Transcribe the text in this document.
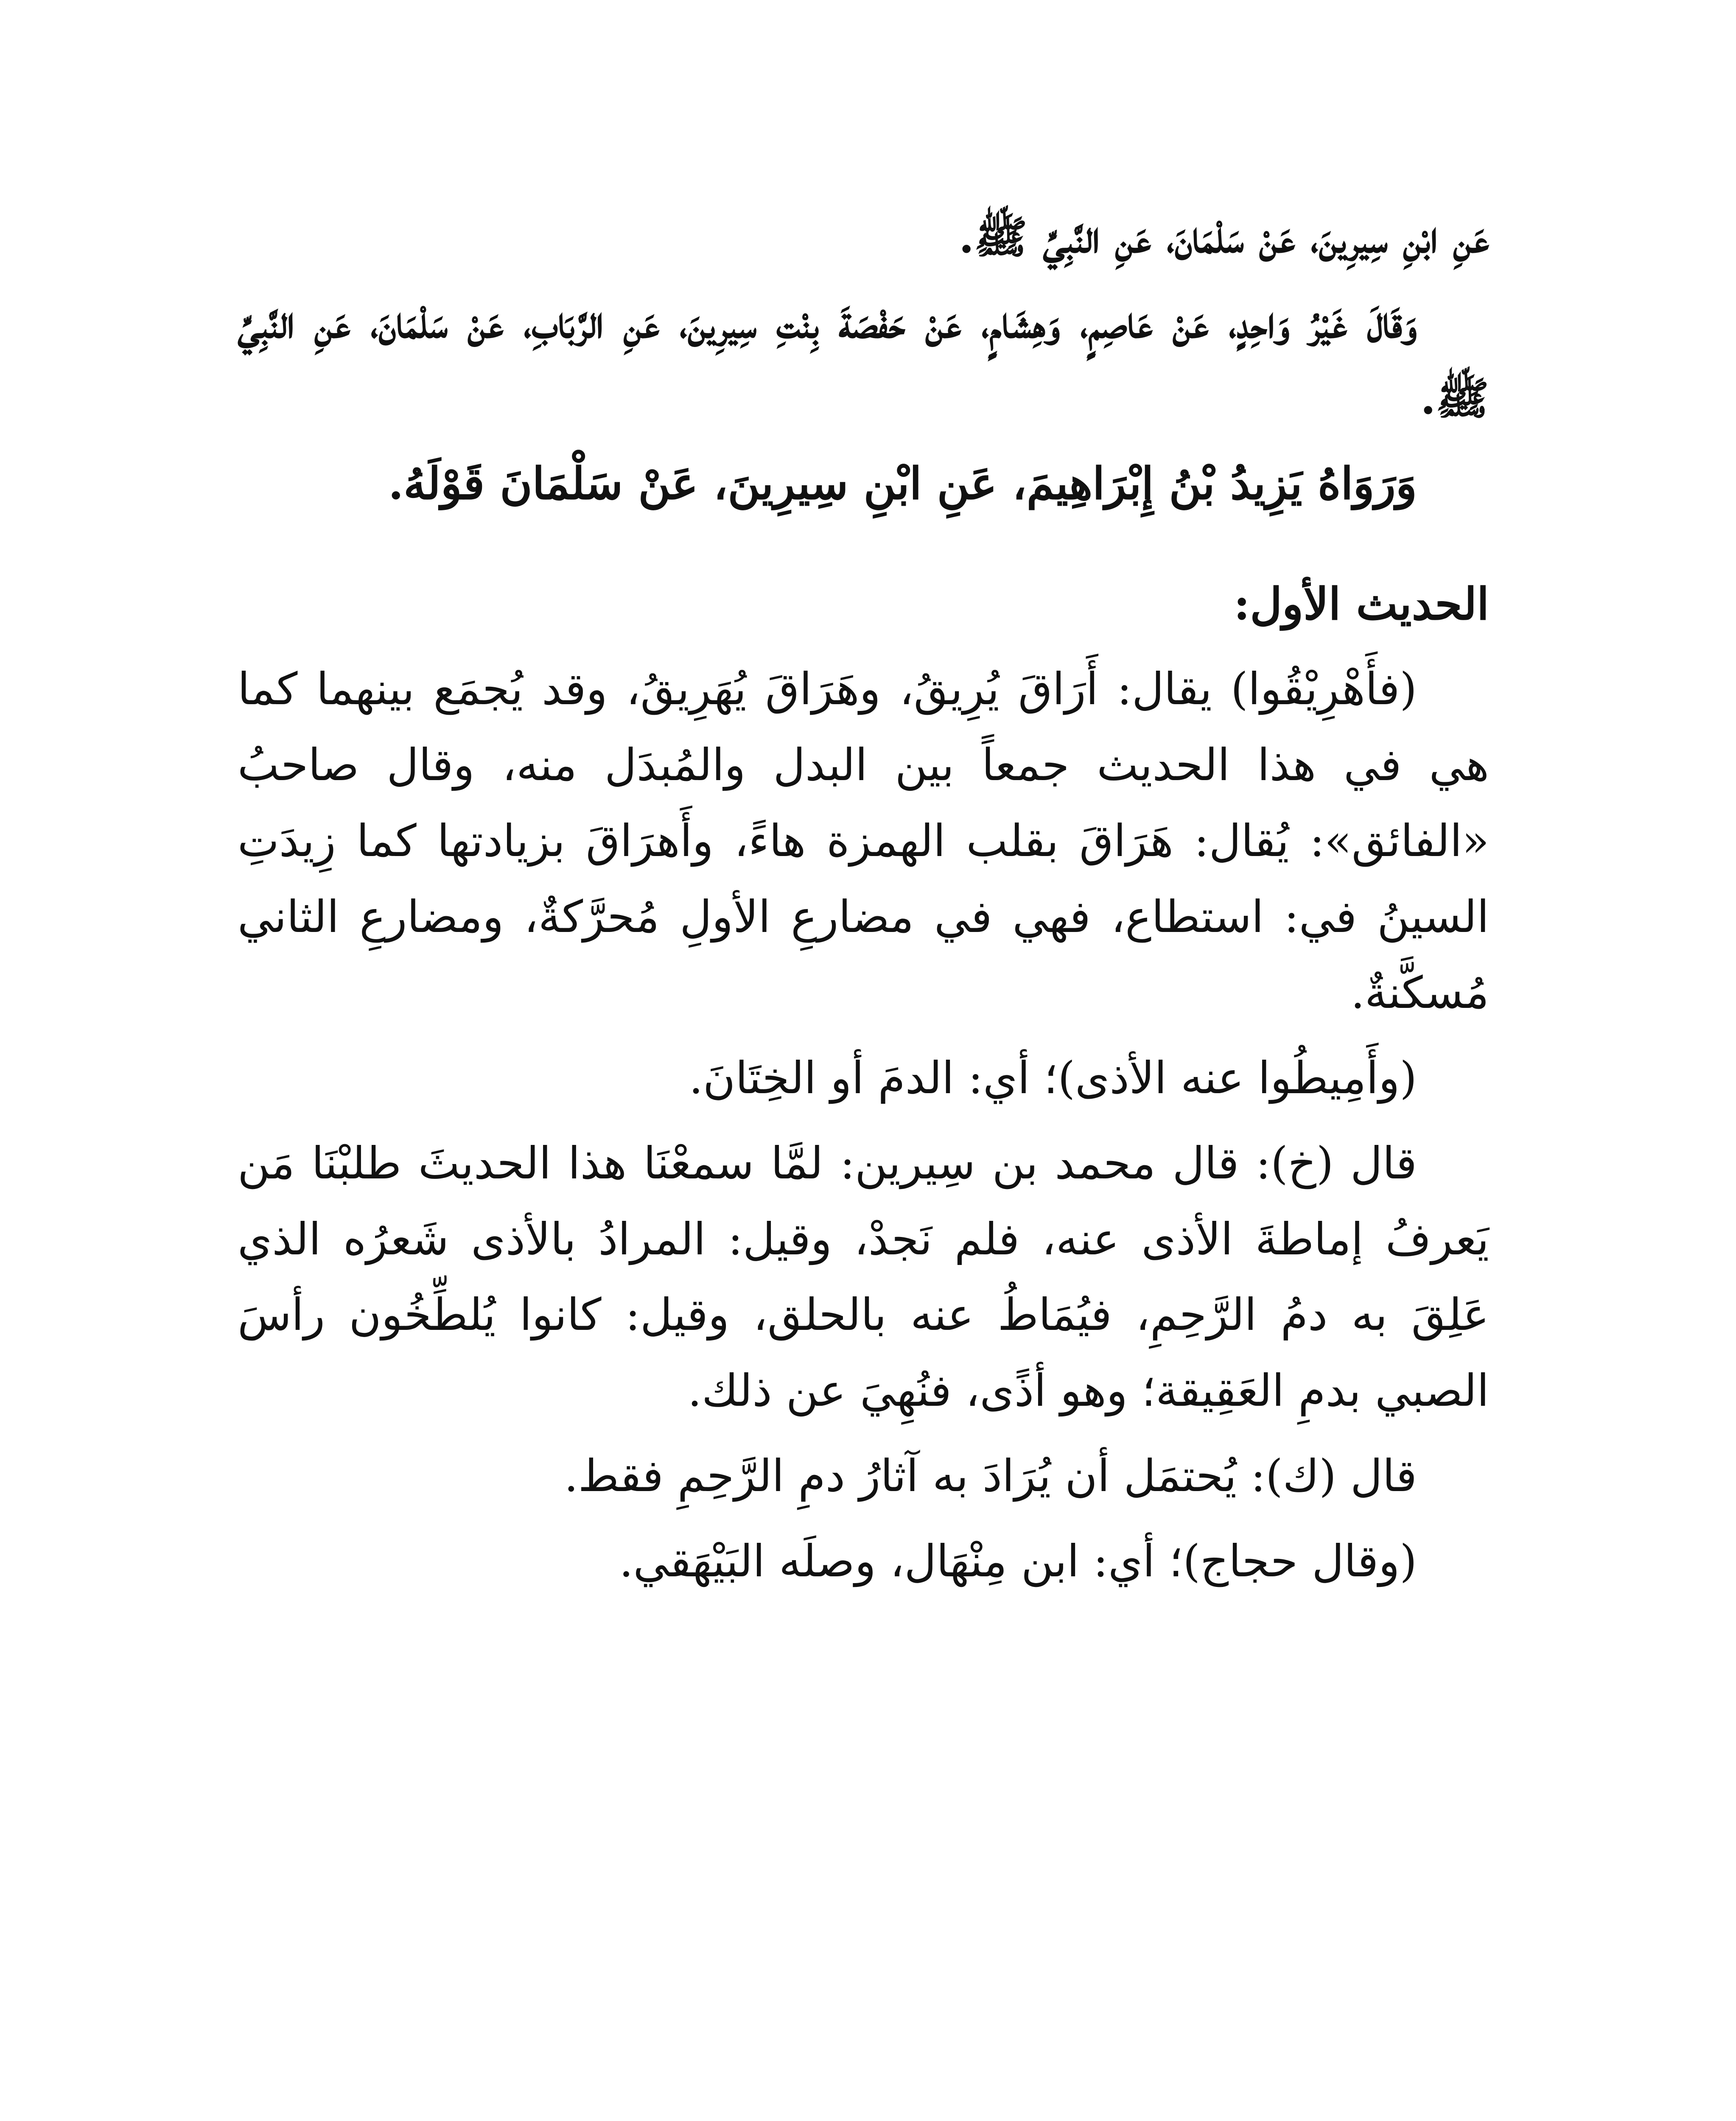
عَنِ ابْنِ سِيرِينَ، عَنْ سَلْمَانَ، عَنِ النَّبِيِّ ﷺ.

وَقَالَ غَيْرُ وَاحِدٍ، عَنْ عَاصِمٍ، وَهِشَامٍ، عَنْ حَفْصَةَ بِنْتِ سِيرِينَ، عَنِ الرَّبَابِ، عَنْ سَلْمَانَ، عَنِ النَّبِيِّ ﷺ.

وَرَوَاهُ يَزِيدُ بْنُ إِبْرَاهِيمَ، عَنِ ابْنِ سِيرِينَ، عَنْ سَلْمَانَ قَوْلَهُ.

الحديث الأول:

(فأَهْرِيْقُوا) يقال: أَرَاقَ يُرِيقُ، وهَرَاقَ يُهَرِيقُ، وقد يُجمَع بينهما كما هي في هذا الحديث جمعاً بين البدل والمُبدَل منه، وقال صاحبُ «الفائق»: يُقال: هَرَاقَ بقلب الهمزة هاءً، وأَهرَاقَ بزيادتها كما زِيدَتِ السينُ في: استطاع، فهي في مضارعِ الأولِ مُحرَّكةٌ، ومضارعِ الثاني مُسكَّنةٌ.

(وأَمِيطُوا عنه الأذى)؛ أي: الدمَ أو الخِتَانَ.

قال (خ): قال محمد بن سِيرين: لمَّا سمعْنَا هذا الحديثَ طلبْنَا مَن يَعرفُ إماطةَ الأذى عنه، فلم نَجدْ، وقيل: المرادُ بالأذى شَعرُه الذي عَلِقَ به دمُ الرَّحِمِ، فيُمَاطُ عنه بالحلق، وقيل: كانوا يُلطِّخُون رأسَ الصبي بدمِ العَقِيقة؛ وهو أذًى، فنُهِيَ عن ذلك.

قال (ك): يُحتمَل أن يُرَادَ به آثارُ دمِ الرَّحِمِ فقط.

(وقال حجاج)؛ أي: ابن مِنْهَال، وصلَه البَيْهَقي.
